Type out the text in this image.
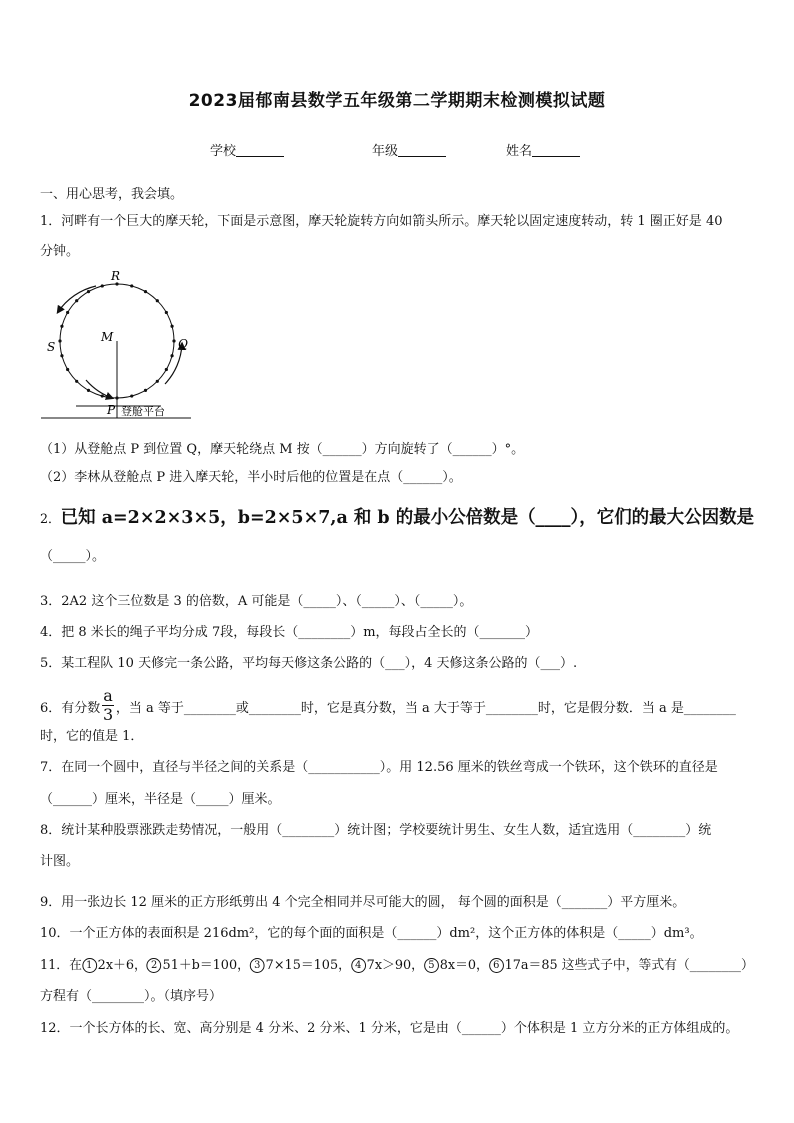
2023届郁南县数学五年级第二学期期末检测模拟试题
学校	年级	姓名
一、用心思考，我会填。
1．河畔有一个巨大的摩天轮，下面是示意图，摩天轮旋转方向如箭头所示。摩天轮以固定速度转动，转 1 圈正好是 40
分钟。
R
S
M	Q
P 登舱平台
（1）从登舱点 P 到位置 Q，摩天轮绕点 M 按（______）方向旋转了（______）°。
（2）李林从登舱点 P 进入摩天轮，半小时后他的位置是在点（______）。
2．已知 a=2×2×3×5，b=2×5×7,a 和 b 的最小公倍数是（____），它们的最大公因数是
（_____）。
3．2A2 这个三位数是 3 的倍数，A 可能是（_____）、（_____）、（_____）。
4．把 8 米长的绳子平均分成 7段，每段长（________）m，每段占全长的（_______）
5．某工程队 10 天修完一条公路，平均每天修这条公路的（___），4 天修这条公路的（___）.
6．有分数 $\frac{a}{3}$ ，当 a 等于________或________时，它是真分数，当 a 大于等于________时，它是假分数．当 a 是________
时，它的值是 1．
7．在同一个圆中，直径与半径之间的关系是（___________）。用 12.56 厘米的铁丝弯成一个铁环，这个铁环的直径是
（______）厘米，半径是（_____）厘米。
8．统计某种股票涨跌走势情况，一般用（________）统计图；学校要统计男生、女生人数，适宜选用（________）统
计图。
9．用一张边长 12 厘米的正方形纸剪出 4 个完全相同并尽可能大的圆， 每个圆的面积是（_______）平方厘米。
10．一个正方体的表面积是 216dm²，它的每个面的面积是（______）dm²，这个正方体的体积是（_____）dm³。
11．在 1 2x＋6， 2 51＋b＝100， 3 7×15＝105， 4 7x＞90， 5 8x＝0， 6 17a＝85 这些式子中，等式有（________）
方程有（________）。（填序号）
12．一个长方体的长、宽、高分别是 4 分米、2 分米、1 分米，它是由（______）个体积是 1 立方分米的正方体组成的。
